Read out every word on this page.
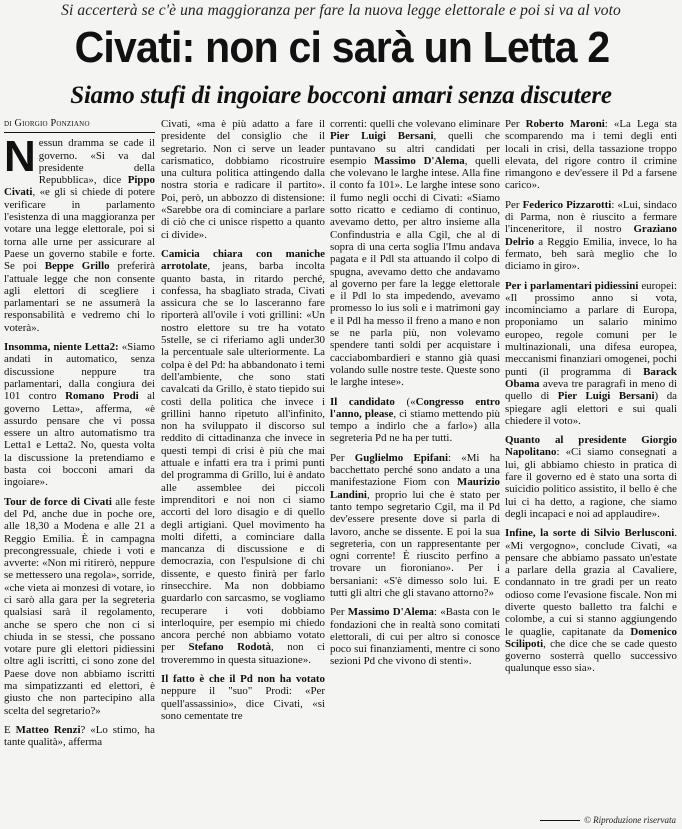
Si accerterà se c'è una maggioranza per fare la nuova legge elettorale e poi si va al voto
Civati: non ci sarà un Letta 2
Siamo stufi di ingoiare bocconi amari senza discutere
di Giorgio Ponziano
N essun dramma se cade il governo. «Si va dal presidente della Repubblica», dice Pippo Civati, «e gli si chiede di potere verificare in parlamento l'esistenza di una maggioranza per votare una legge elettorale, poi si torna alle urne per assicurare al Paese un governo stabile e forte. Se poi Beppe Grillo preferirà l'attuale legge che non consente agli elettori di scegliere i parlamentari se ne assumerà la responsabilità e vedremo chi lo voterà».

Insomma, niente Letta2: «Siamo andati in automatico, senza discussione neppure tra parlamentari, dalla congiura dei 101 contro Romano Prodi al governo Letta», afferma, «è assurdo pensare che vi possa essere un altro automatismo tra Letta1 e Letta2. No, questa volta la discussione la pretendiamo e basta coi bocconi amari da ingoiare».

Tour de force di Civati alle feste del Pd, anche due in poche ore, alle 18,30 a Modena e alle 21 a Reggio Emilia. È in campagna precongressuale, chiede i voti e avverte: «Non mi ritirerò, neppure se mettessero una regola», sorride, «che vieta ai monzesi di votare, io ci sarò alla gara per la segreteria qualsiasi sarà il regolamento, anche se spero che non ci si chiuda in se stessi, che possano votare pure gli elettori pidiessini oltre agli iscritti, ci sono zone del Paese dove non abbiamo iscritti ma simpatizzanti ed elettori, è giusto che non partecipino alla scelta del segretario?»

E Matteo Renzi? «Lo stimo, ha tante qualità», afferma

Civati, «ma è più adatto a fare il presidente del consiglio che il segretario. Non ci serve un leader carismatico, dobbiamo ricostruire una cultura politica attingendo dalla nostra storia e radicare il partito». Poi, però, un abbozzo di distensione: «Sarebbe ora di cominciare a parlare di ciò che ci unisce rispetto a quanto ci divide».

Camicia chiara con maniche arrotolate, jeans, barba incolta quanto basta, in ritardo perché, confessa, ha sbagliato strada, Civati assicura che se lo lasceranno fare riporterà all'ovile i voti grillini: «Un nostro elettore su tre ha votato 5stelle, se ci riferiamo agli under30 la percentuale sale ulteriormente. La colpa è del Pd: ha abbandonato i temi dell'ambiente, che sono stati cavalcati da Grillo, è stato tiepido sui costi della politica che invece i grillini hanno ripetuto all'infinito, non ha sviluppato il discorso sul reddito di cittadinanza che invece in questi tempi di crisi è più che mai attuale e infatti era tra i primi punti del programma di Grillo, lui è andato alle assemblee dei piccoli imprenditori e noi non ci siamo accorti del loro disagio e di quello degli artigiani. Quel movimento ha molti difetti, a cominciare dalla mancanza di discussione e di democrazia, con l'espulsione di chi dissente, e questo finirà per farlo rinsecchire. Ma non dobbiamo guardarlo con sarcasmo, se vogliamo recuperare i voti dobbiamo interloquire, per esempio mi chiedo ancora perché non abbiamo votato per Stefano Rodotà, non ci troveremmo in questa situazione».

Il fatto è che il Pd non ha votato neppure il "suo" Prodi: «Per quell'assassinio», dice Civati, «si sono cementate tre

correnti: quelli che volevano eliminare Pier Luigi Bersani, quelli che puntavano su altri candidati per esempio Massimo D'Alema, quelli che volevano le larghe intese. Alla fine il conto fa 101». Le larghe intese sono il fumo negli occhi di Civati: «Siamo sotto ricatto e cediamo di continuo, avevamo detto, per altro insieme alla Confindustria e alla Cgil, che al di sopra di una certa soglia l'Imu andava pagata e il Pdl sta attuando il colpo di spugna, avevamo detto che andavamo al governo per fare la legge elettorale e il Pdl lo sta impedendo, avevamo promesso lo ius soli e i matrimoni gay e il Pdl ha messo il freno a mano e non se ne parla più, non volevamo spendere tanti soldi per acquistare i cacciabombardieri e stanno già quasi volando sulle nostre teste. Queste sono le larghe intese».

Il candidato («Congresso entro l'anno, please, ci stiamo mettendo più tempo a indirlo che a farlo») alla segreteria Pd ne ha per tutti.

Per Guglielmo Epifani: «Mi ha bacchettato perché sono andato a una manifestazione Fiom con Maurizio Landini, proprio lui che è stato per tanto tempo segretario Cgil, ma il Pd dev'essere presente dove si parla di lavoro, anche se dissente. E poi la sua segreteria, con un rappresentante per ogni corrente! È riuscito perfino a trovare un fioroniano». Per i bersaniani: «S'è dimesso solo lui. E tutti gli altri che gli stavano attorno?»

Per Massimo D'Alema: «Basta con le fondazioni che in realtà sono comitati elettorali, di cui per altro si conosce poco sui finanziamenti, mentre ci sono sezioni Pd che vivono di stenti».

Per Roberto Maroni: «La Lega sta scomparendo ma i temi degli enti locali in crisi, della tassazione troppo elevata, del rigore contro il crimine rimangono e dev'essere il Pd a farsene carico».

Per Federico Pizzarotti: «Lui, sindaco di Parma, non è riuscito a fermare l'inceneritore, il nostro Graziano Delrio a Reggio Emilia, invece, lo ha fermato, beh sarà meglio che lo diciamo in giro».

Per i parlamentari pidiessini europei: «Il prossimo anno si vota, incominciamo a parlare di Europa, proponiamo un salario minimo europeo, regole comuni per le multinazionali, una difesa europea, meccanismi finanziari omogenei, pochi punti (il programma di Barack Obama aveva tre paragrafi in meno di quello di Pier Luigi Bersani) da spiegare agli elettori e sui quali chiedere il voto».

Quanto al presidente Giorgio Napolitano: «Ci siamo consegnati a lui, gli abbiamo chiesto in pratica di fare il governo ed è stato una sorta di suicidio politico assistito, il bello è che lui ci ha detto, a ragione, che siamo degli incapaci e noi ad applaudire».

Infine, la sorte di Silvio Berlusconi. «Mi vergogno», conclude Civati, «a pensare che abbiamo passato un'estate a parlare della grazia al Cavaliere, condannato in tre gradi per un reato odioso come l'evasione fiscale. Non mi diverte questo balletto tra falchi e colombe, a cui si stanno aggiungendo le quaglie, capitanate da Domenico Scilipoti, che dice che se cade questo governo sosterrà quello successivo qualunque esso sia».

© Riproduzione riservata
